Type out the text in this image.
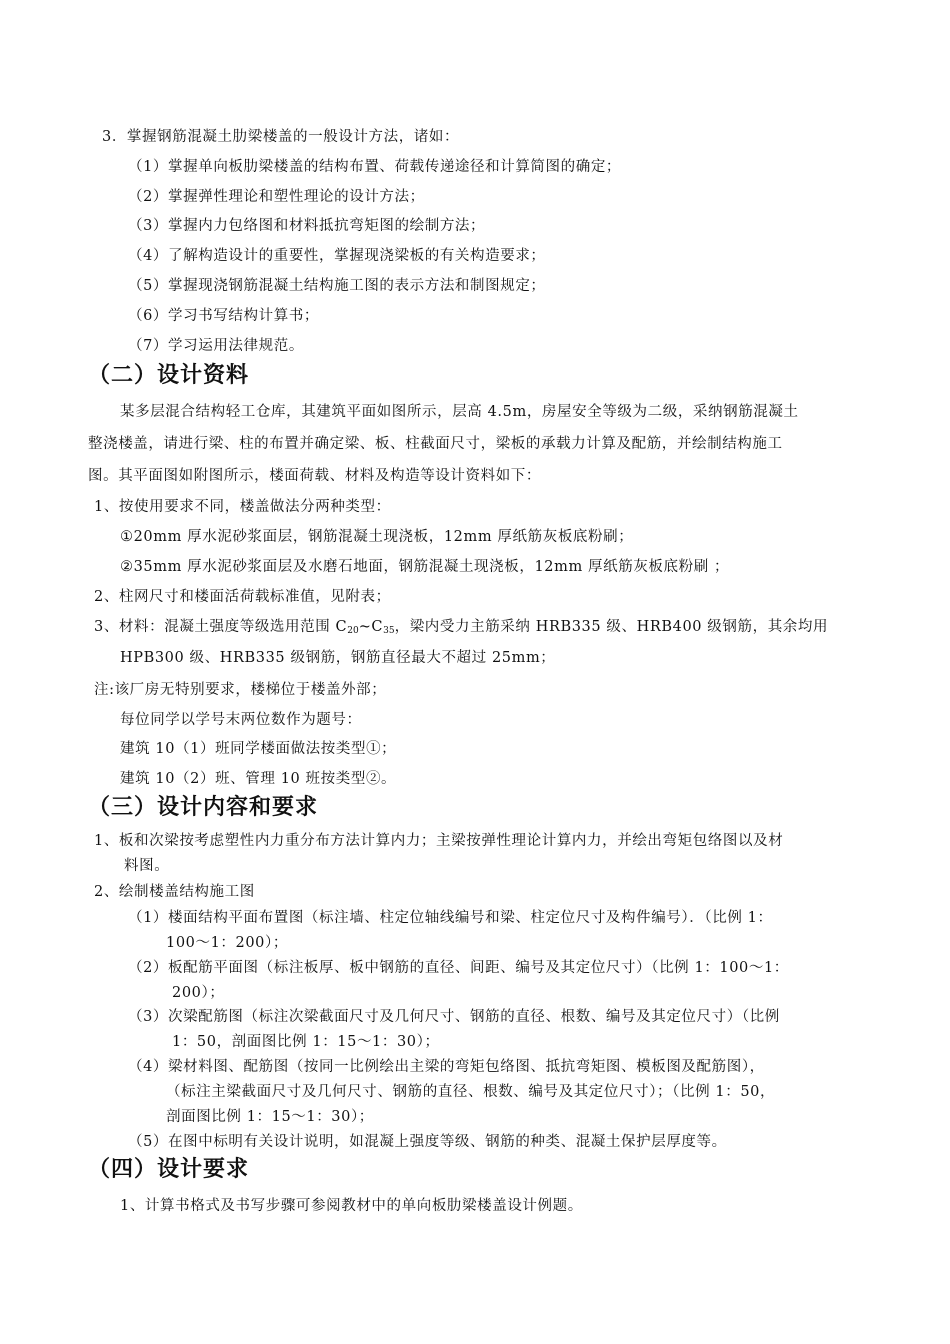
3．掌握钢筋混凝土肋梁楼盖的一般设计方法，诸如：
（1）掌握单向板肋梁楼盖的结构布置、荷载传递途径和计算简图的确定；
（2）掌握弹性理论和塑性理论的设计方法；
（3）掌握内力包络图和材料抵抗弯矩图的绘制方法；
（4）了解构造设计的重要性，掌握现浇梁板的有关构造要求；
（5）掌握现浇钢筋混凝土结构施工图的表示方法和制图规定；
（6）学习书写结构计算书；
（7）学习运用法律规范。
（二）设计资料
某多层混合结构轻工仓库，其建筑平面如图所示，层高 4.5m，房屋安全等级为二级，采纳钢筋混凝土
整浇楼盖，请进行梁、柱的布置并确定梁、板、柱截面尺寸，梁板的承载力计算及配筋，并绘制结构施工
图。其平面图如附图所示，楼面荷载、材料及构造等设计资料如下：
1、按使用要求不同，楼盖做法分两种类型：
①20mm 厚水泥砂浆面层，钢筋混凝土现浇板，12mm 厚纸筋灰板底粉刷；
②35mm 厚水泥砂浆面层及水磨石地面，钢筋混凝土现浇板，12mm 厚纸筋灰板底粉刷 ；
2、柱网尺寸和楼面活荷载标准值，见附表；
3、材料：混凝土强度等级选用范围 $C_{20}\sim C_{35}$，梁内受力主筋采纳 HRB335 级、HRB400 级钢筋，其余均用
HPB300 级、HRB335 级钢筋，钢筋直径最大不超过 25mm；
注:该厂房无特别要求，楼梯位于楼盖外部；
每位同学以学号末两位数作为题号：
建筑 10（1）班同学楼面做法按类型①；
建筑 10（2）班、管理 10 班按类型②。
（三）设计内容和要求
1、板和次梁按考虑塑性内力重分布方法计算内力；主梁按弹性理论计算内力，并绘出弯矩包络图以及材
料图。
2、绘制楼盖结构施工图
（1）楼面结构平面布置图（标注墙、柱定位轴线编号和梁、柱定位尺寸及构件编号）．（比例 1：
100～1：200）；
（2）板配筋平面图（标注板厚、板中钢筋的直径、间距、编号及其定位尺寸）（比例 1：100～1：
200）；
（3）次梁配筋图（标注次梁截面尺寸及几何尺寸、钢筋的直径、根数、编号及其定位尺寸）（比例
1：50，剖面图比例 1：15～1：30）；
（4）梁材料图、配筋图（按同一比例绘出主梁的弯矩包络图、抵抗弯矩图、模板图及配筋图），
（标注主梁截面尺寸及几何尺寸、钢筋的直径、根数、编号及其定位尺寸）；（比例 1：50，
剖面图比例 1：15～1：30）；
（5）在图中标明有关设计说明，如混凝上强度等级、钢筋的种类、混凝土保护层厚度等。
（四）设计要求
1、计算书格式及书写步骤可参阅教材中的单向板肋梁楼盖设计例题。
